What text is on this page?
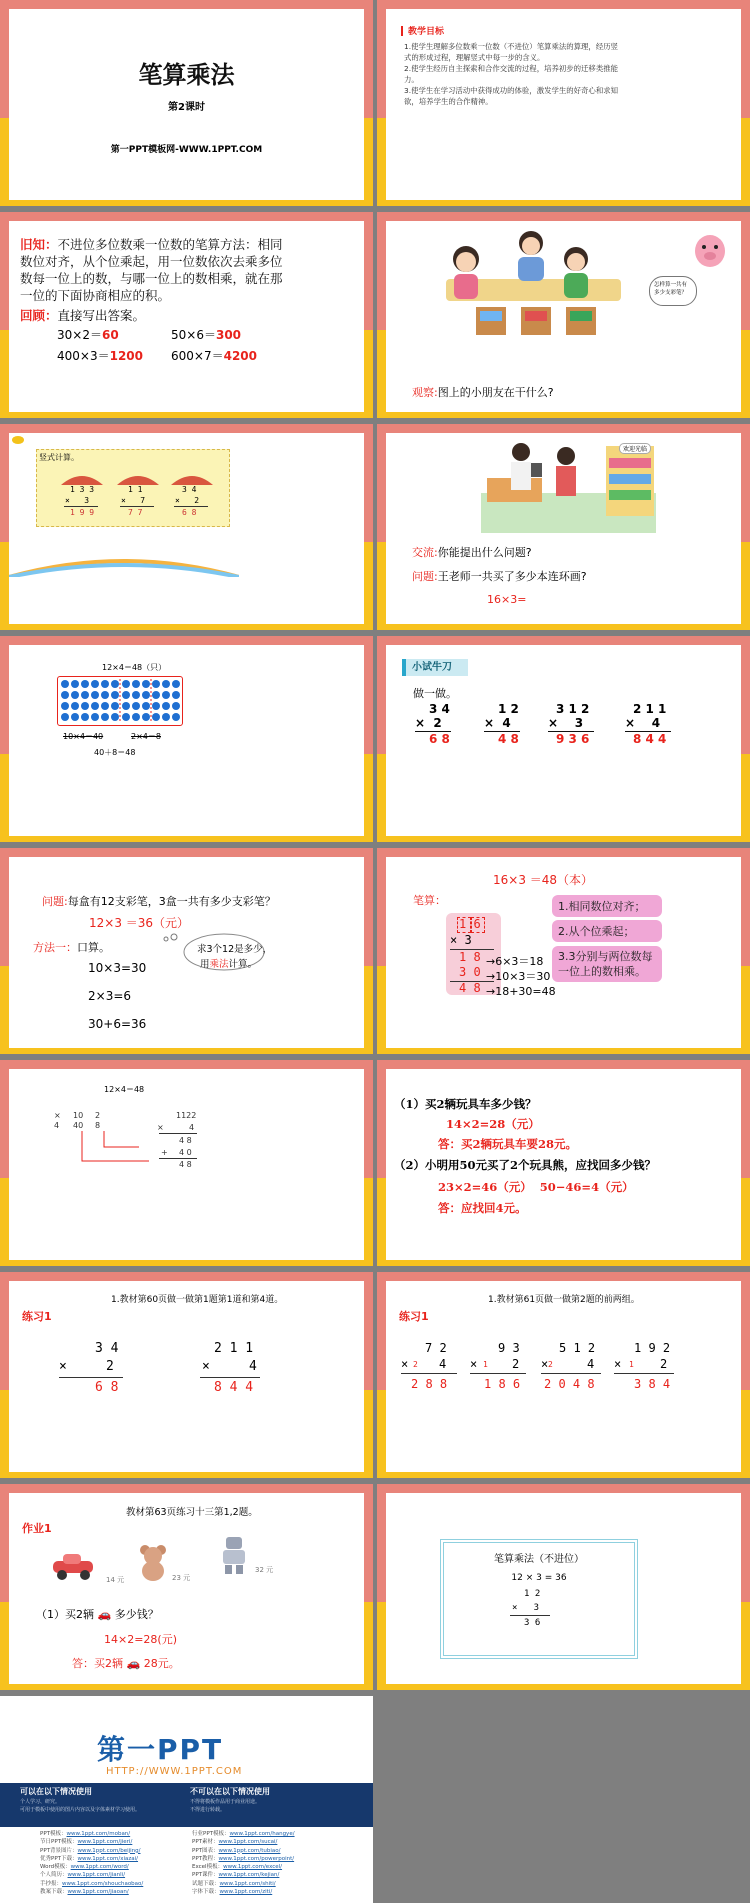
笔算乘法
第2课时
第一PPT模板网-WWW.1PPT.COM
教学目标
1.使学生理解多位数乘一位数（不进位）笔算乘法的算理，经历竖式的形成过程，理解竖式中每一步的含义。
2.使学生经历自主探索和合作交流的过程，培养初步的迁移类推能力。
3.使学生在学习活动中获得成功的体验，激发学生的好奇心和求知欲，培养学生的合作精神。
旧知：不进位多位数乘一位数的笔算方法：相同数位对齐，从个位乘起，用一位数依次去乘多位数每一位上的数，与哪一位上的数相乘，就在那一位的下面协商相应的积。
回顾：直接写出答案。
30×2＝60	50×6＝300
400×3＝1200 600×7＝4200
怎样算一共有多少支彩笔？
观察:图上的小朋友在干什么?
竖式计算。
1 3 3
×   3
1 9 9
1 1
×   7
7 7
3 4
×   2
6 8
欢迎光临
交流:你能提出什么问题?
问题:王老师一共买了多少本连环画?
16×3=
12×4＝48（只）
10×4＝40	2×4＝8
40＋8＝48
小试牛刀
做一做。
3 4
× 2
6 8
1 2
× 4
4 8
3 1 2
× 3
9 3 6
2 1 1
× 4
8 4 4
问题:每盒有12支彩笔，3盒一共有多少支彩笔？
12×3 ＝36（元）
方法一：口算。
10×3=30
2×3=6
30+6=36
求3个12是多少，
用乘法计算。
16×3 ＝48（本）
笔算：
1 6
× 3
1 8
3 0
4 8
→6×3＝18
→10×3＝30
→18+30=48
1.相同数位对齐；
2.从个位乘起；
3.3分别与两位数每一位上的数相乘。
12×4＝48
× 10 2
4 40 8
1122
×	4
4 8
+ 4 0
4 8
（1）买2辆玩具车多少钱？
14×2=28（元）
答：买2辆玩具车要28元。
（2）小明用50元买了2个玩具熊，应找回多少钱？
23×2=46（元）  50−46=4（元）
答：应找回4元。
1.教材第60页做一做第1题第1道和第4道。
练习1
3 4
×     2
6 8
2 1 1
×     4
8 4 4
1.教材第61页做一做第2题的前两组。
练习1
7 2
× 2 4
2 8 8
9 3
× 1 2
1 8 6
5 1 2
× 2	4
2 0 4 8
1 9 2
× 1 2
3 8 4
教材第63页练习十三第1,2题。
作业1
14 元	23 元
32 元
（1）买2辆 🚗 多少钱？
14×2=28(元)
答：买2辆 🚗 28元。
笔算乘法（不进位）
12 × 3 = 36
1 2
×   3
3 6
第一PPT
HTTP://WWW.1PPT.COM
可以在以下情况使用
个人学习、研究。
可用于模板中使用的图片内容以及字体素材学习使用。
不可以在以下情况使用
不得将模板作品用于商业用途。
不得进行转载。
PPT模板：www.1ppt.com/moban/
节日PPT模板：www.1ppt.com/jieri/
PPT背景图片：www.1ppt.com/beijing/
优秀PPT下载：www.1ppt.com/xiazai/
Word模板：www.1ppt.com/word/
个人简历：www.1ppt.com/jianli/
手抄报：www.1ppt.com/shouchaobao/
教案下载：www.1ppt.com/jiaoan/
行业PPT模板：www.1ppt.com/hangye/
PPT素材：www.1ppt.com/sucai/
PPT图表：www.1ppt.com/tubiao/
PPT教程：www.1ppt.com/powerpoint/
Excel模板：www.1ppt.com/excel/
PPT课件：www.1ppt.com/kejian/
试题下载：www.1ppt.com/shiti/
字体下载：www.1ppt.com/ziti/
